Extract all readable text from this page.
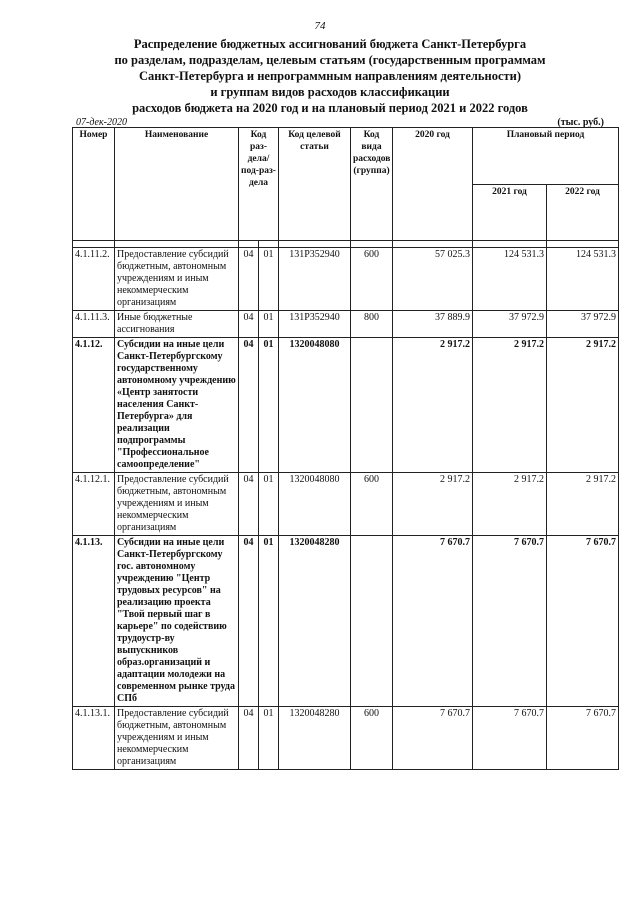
74
Распределение бюджетных ассигнований бюджета Санкт-Петербурга
по разделам, подразделам, целевым статьям (государственным программам
Санкт-Петербурга и непрограммным направлениям деятельности)
и группам видов расходов классификации
расходов бюджета на 2020 год и на плановый период 2021 и 2022 годов
07-дек-2020	(тыс. руб.)
Номер	Наименование	Код раз-дела/ под-раз-дела		Код целевой статьи	Код вида расходов (группа)	2020 год	Плановый период	
							2021 год	2022 год

4.1.11.2.	Предоставление субсидий бюджетным, автономным учреждениям и иным некоммерческим организациям	04	01	131P352940	600	57 025.3	124 531.3	124 531.3
4.1.11.3.	Иные бюджетные ассигнования	04	01	131P352940	800	37 889.9	37 972.9	37 972.9
4.1.12.	Субсидии на иные цели Санкт-Петербургскому государственному автономному учреждению «Центр занятости населения Санкт-Петербурга» для реализации подпрограммы "Профессиональное самоопределение"	04	01	1320048080		2 917.2	2 917.2	2 917.2
4.1.12.1.	Предоставление субсидий бюджетным, автономным учреждениям и иным некоммерческим организациям	04	01	1320048080	600	2 917.2	2 917.2	2 917.2
4.1.13.	Субсидии на иные цели Санкт-Петербургскому гос. автономному учреждению "Центр трудовых ресурсов" на реализацию проекта "Твой первый шаг в карьере" по содействию трудоустр-ву выпускников образ.организаций и адаптации молодежи на современном рынке труда СПб	04	01	1320048280		7 670.7	7 670.7	7 670.7
4.1.13.1.	Предоставление субсидий бюджетным, автономным учреждениям и иным некоммерческим организациям	04	01	1320048280	600	7 670.7	7 670.7	7 670.7
